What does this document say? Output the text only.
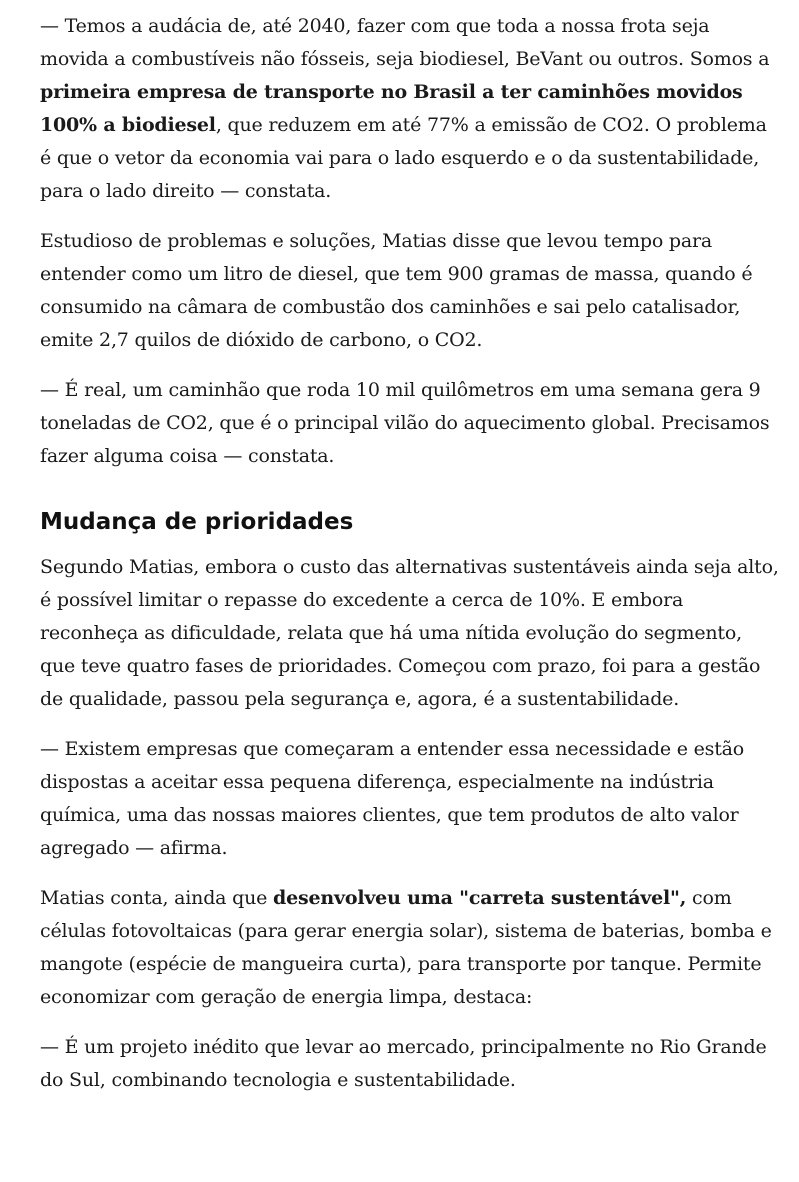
— Temos a audácia de, até 2040, fazer com que toda a nossa frota seja movida a combustíveis não fósseis, seja biodiesel, BeVant ou outros. Somos a primeira empresa de transporte no Brasil a ter caminhões movidos 100% a biodiesel, que reduzem em até 77% a emissão de CO2. O problema é que o vetor da economia vai para o lado esquerdo e o da sustentabilidade, para o lado direito — constata.

Estudioso de problemas e soluções, Matias disse que levou tempo para entender como um litro de diesel, que tem 900 gramas de massa, quando é consumido na câmara de combustão dos caminhões e sai pelo catalisador, emite 2,7 quilos de dióxido de carbono, o CO2.

— É real, um caminhão que roda 10 mil quilômetros em uma semana gera 9 toneladas de CO2, que é o principal vilão do aquecimento global. Precisamos fazer alguma coisa — constata.

Mudança de prioridades

Segundo Matias, embora o custo das alternativas sustentáveis ainda seja alto, é possível limitar o repasse do excedente a cerca de 10%. E embora reconheça as dificuldade, relata que há uma nítida evolução do segmento, que teve quatro fases de prioridades. Começou com prazo, foi para a gestão de qualidade, passou pela segurança e, agora, é a sustentabilidade.

— Existem empresas que começaram a entender essa necessidade e estão dispostas a aceitar essa pequena diferença, especialmente na indústria química, uma das nossas maiores clientes, que tem produtos de alto valor agregado — afirma.

Matias conta, ainda que desenvolveu uma "carreta sustentável", com células fotovoltaicas (para gerar energia solar), sistema de baterias, bomba e mangote (espécie de mangueira curta), para transporte por tanque. Permite economizar com geração de energia limpa, destaca:

— É um projeto inédito que levar ao mercado, principalmente no Rio Grande do Sul, combinando tecnologia e sustentabilidade.
